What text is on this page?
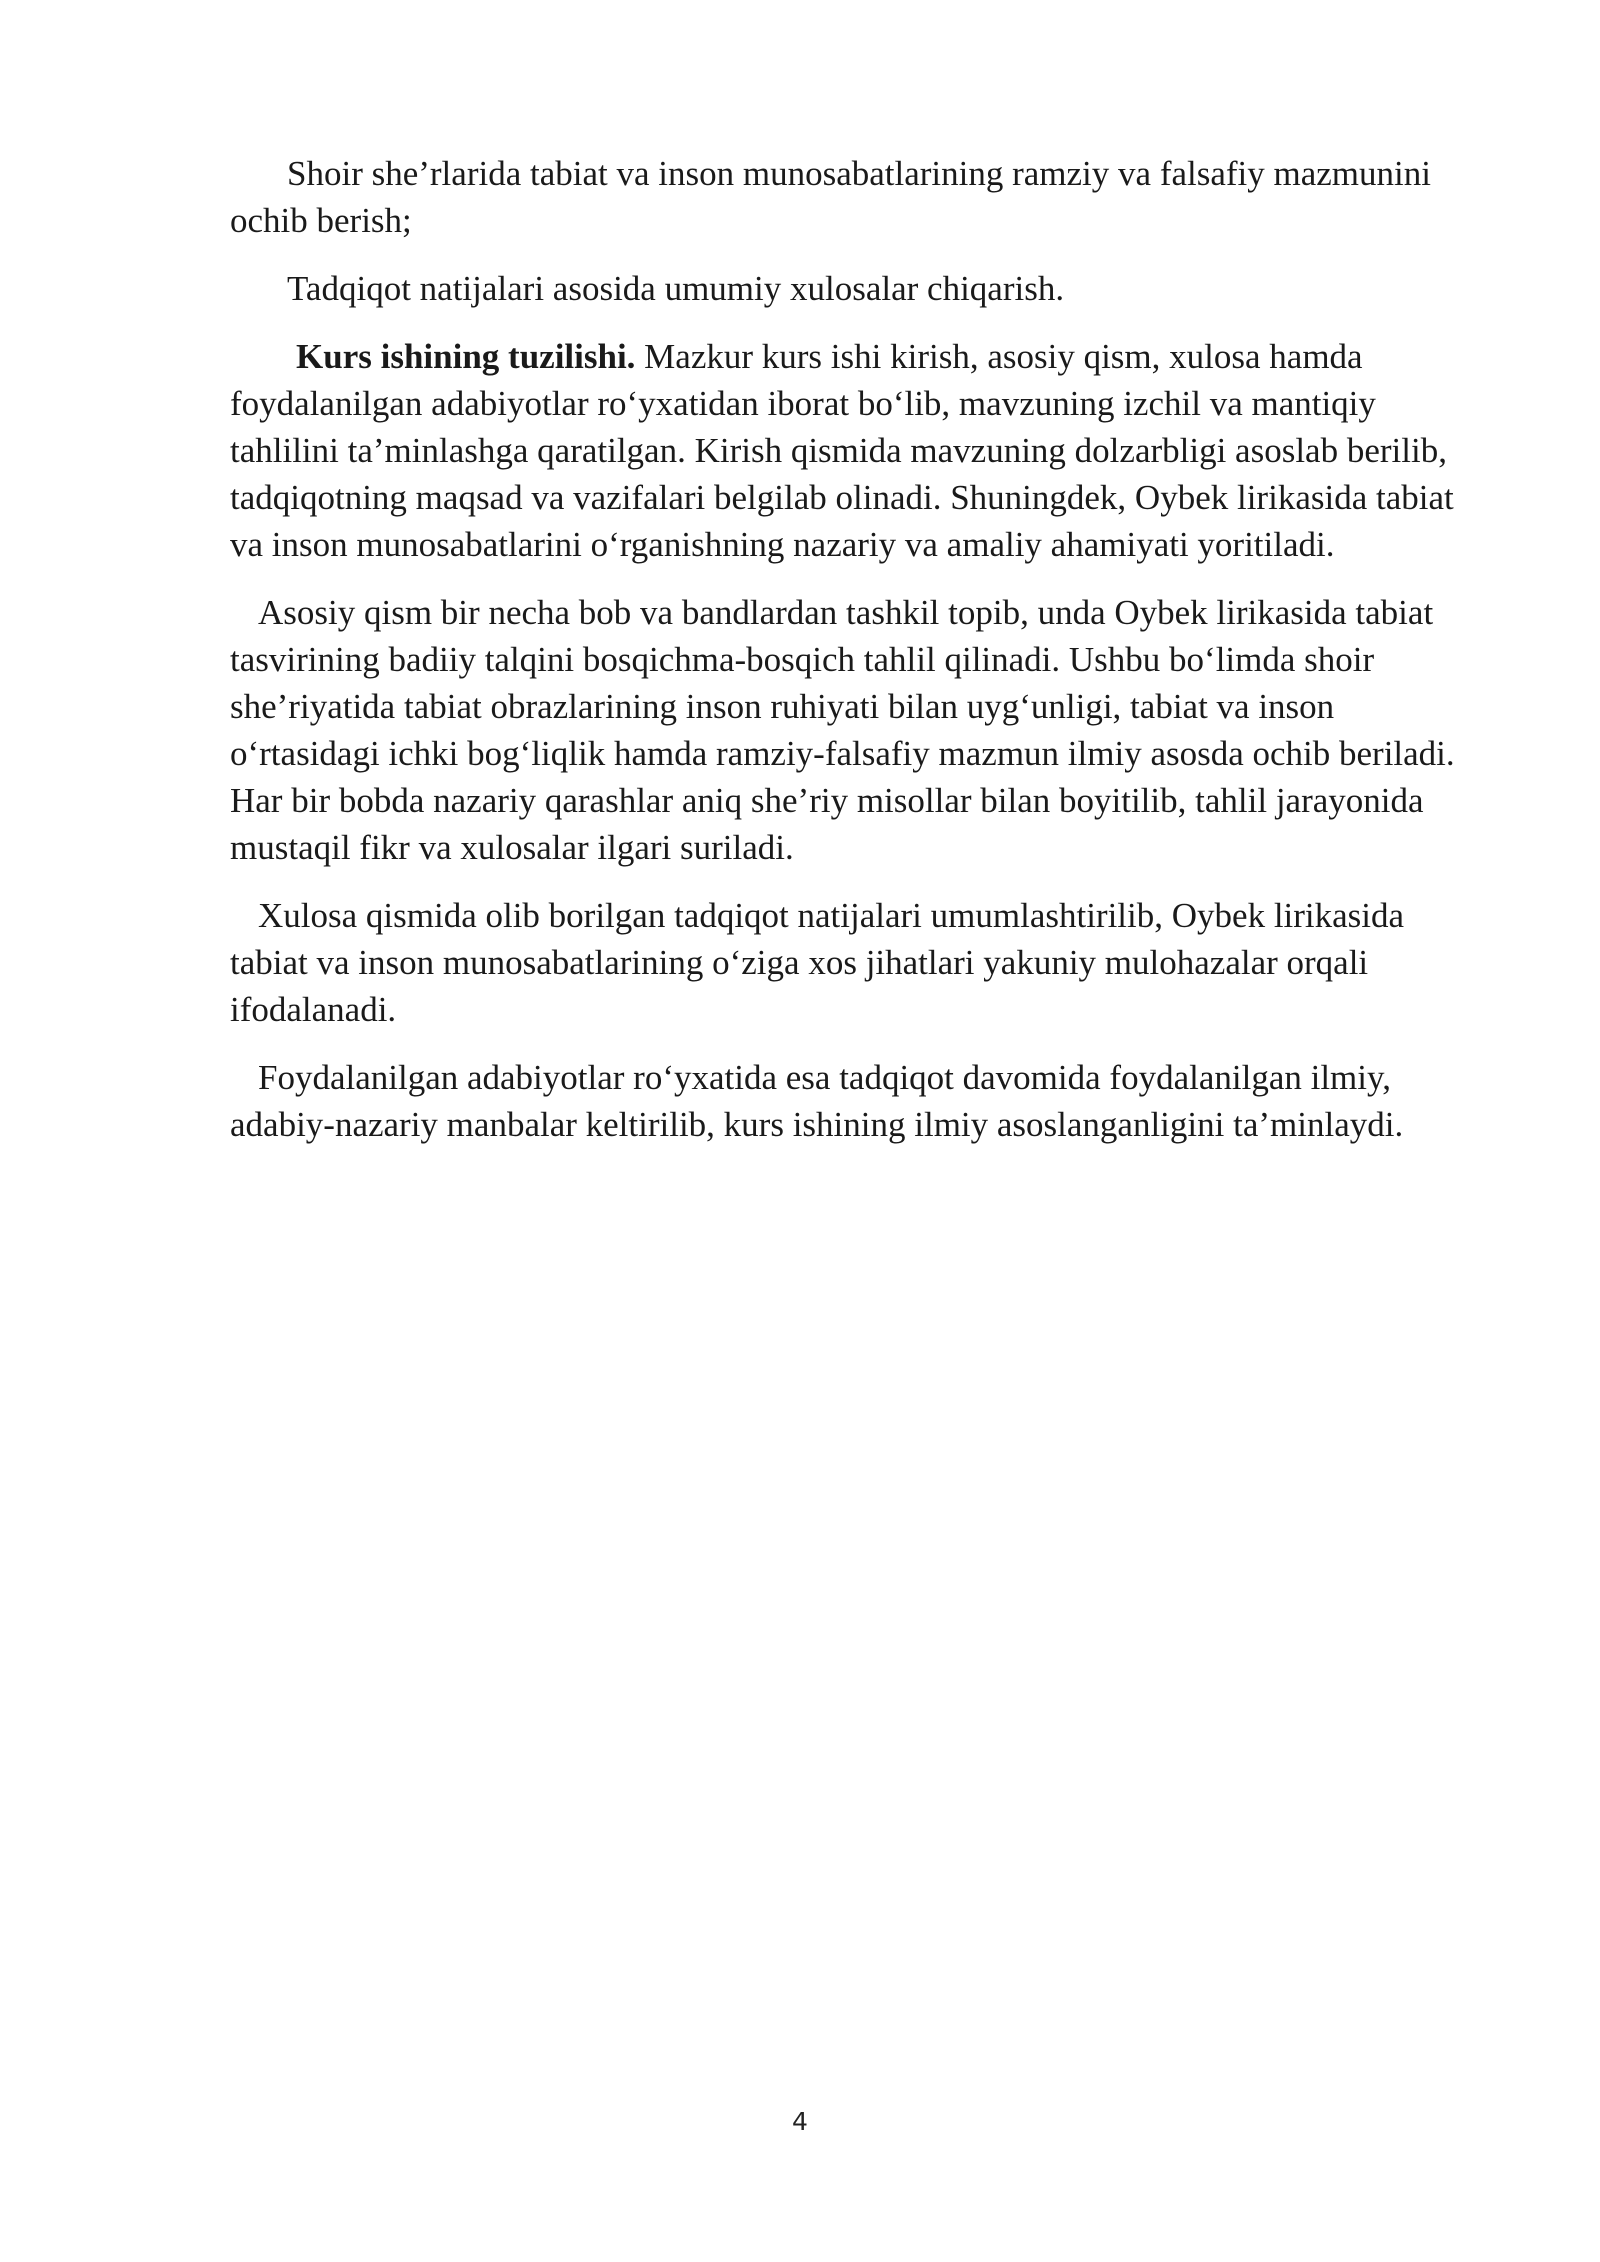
Shoir she’rlarida tabiat va inson munosabatlarining ramziy va falsafiy mazmunini ochib berish;

Tadqiqot natijalari asosida umumiy xulosalar chiqarish.

Kurs ishining tuzilishi. Mazkur kurs ishi kirish, asosiy qism, xulosa hamda foydalanilgan adabiyotlar roʻyxatidan iborat boʻlib, mavzuning izchil va mantiqiy tahlilini ta’minlashga qaratilgan. Kirish qismida mavzuning dolzarbligi asoslab berilib, tadqiqotning maqsad va vazifalari belgilab olinadi. Shuningdek, Oybek lirikasida tabiat va inson munosabatlarini oʻrganishning nazariy va amaliy ahamiyati yoritiladi.

Asosiy qism bir necha bob va bandlardan tashkil topib, unda Oybek lirikasida tabiat tasvirining badiiy talqini bosqichma-bosqich tahlil qilinadi. Ushbu boʻlimda shoir she’riyatida tabiat obrazlarining inson ruhiyati bilan uygʻunligi, tabiat va inson oʻrtasidagi ichki bogʻliqlik hamda ramziy-falsafiy mazmun ilmiy asosda ochib beriladi. Har bir bobda nazariy qarashlar aniq she’riy misollar bilan boyitilib, tahlil jarayonida mustaqil fikr va xulosalar ilgari suriladi.

Xulosa qismida olib borilgan tadqiqot natijalari umumlashtirilib, Oybek lirikasida tabiat va inson munosabatlarining oʻziga xos jihatlari yakuniy mulohazalar orqali ifodalanadi.

Foydalanilgan adabiyotlar roʻyxatida esa tadqiqot davomida foydalanilgan ilmiy, adabiy-nazariy manbalar keltirilib, kurs ishining ilmiy asoslanganligini ta’minlaydi.

4
